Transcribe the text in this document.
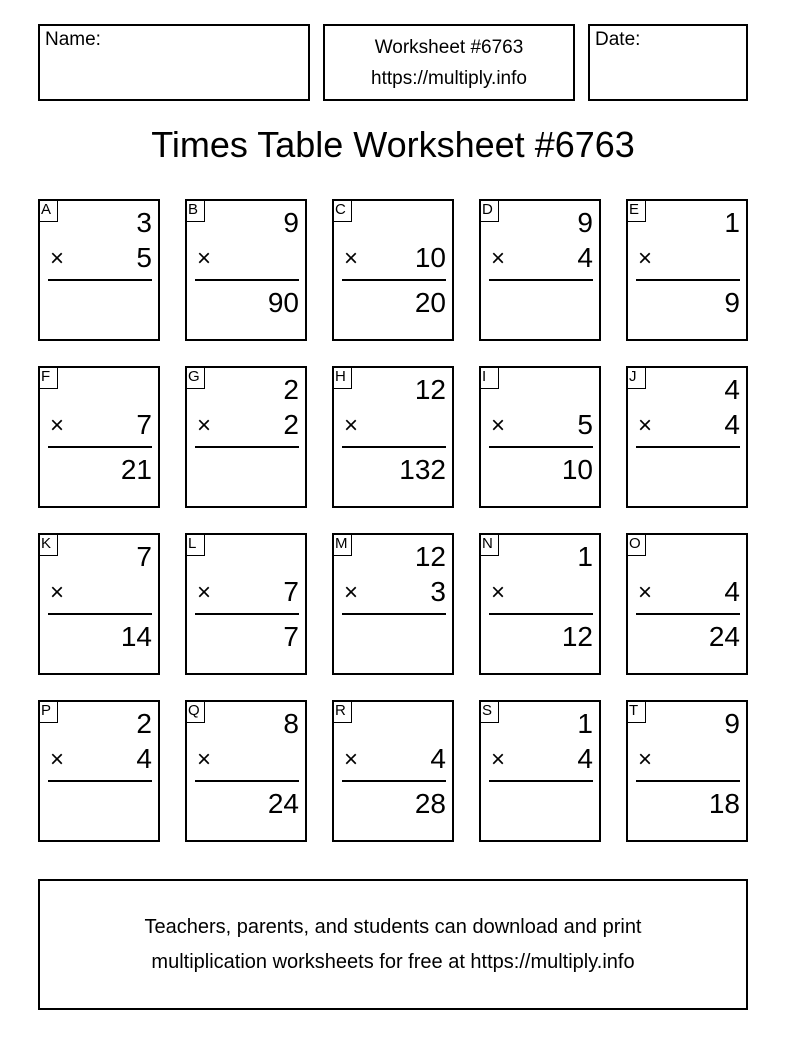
Name:	Worksheet #6763
https://multiply.info
Date:
Times Table Worksheet #6763
A	3
×	5
B	9
×
90
C
× 10
20
D	9
×	4
E	1
×
9
F
×	7
21
G	2
×	2
H 12
×
132
I
×	5
10
J	4
×	4
K	7
×
14
L
×	7
7
M 12
×	3
N	1
×
12
O
×	4
24
P	2
×	4
Q	8
×
24
R
×	4
28
S	1
×	4
T	9
×
18
Teachers, parents, and students can download and print
multiplication worksheets for free at https://multiply.info
